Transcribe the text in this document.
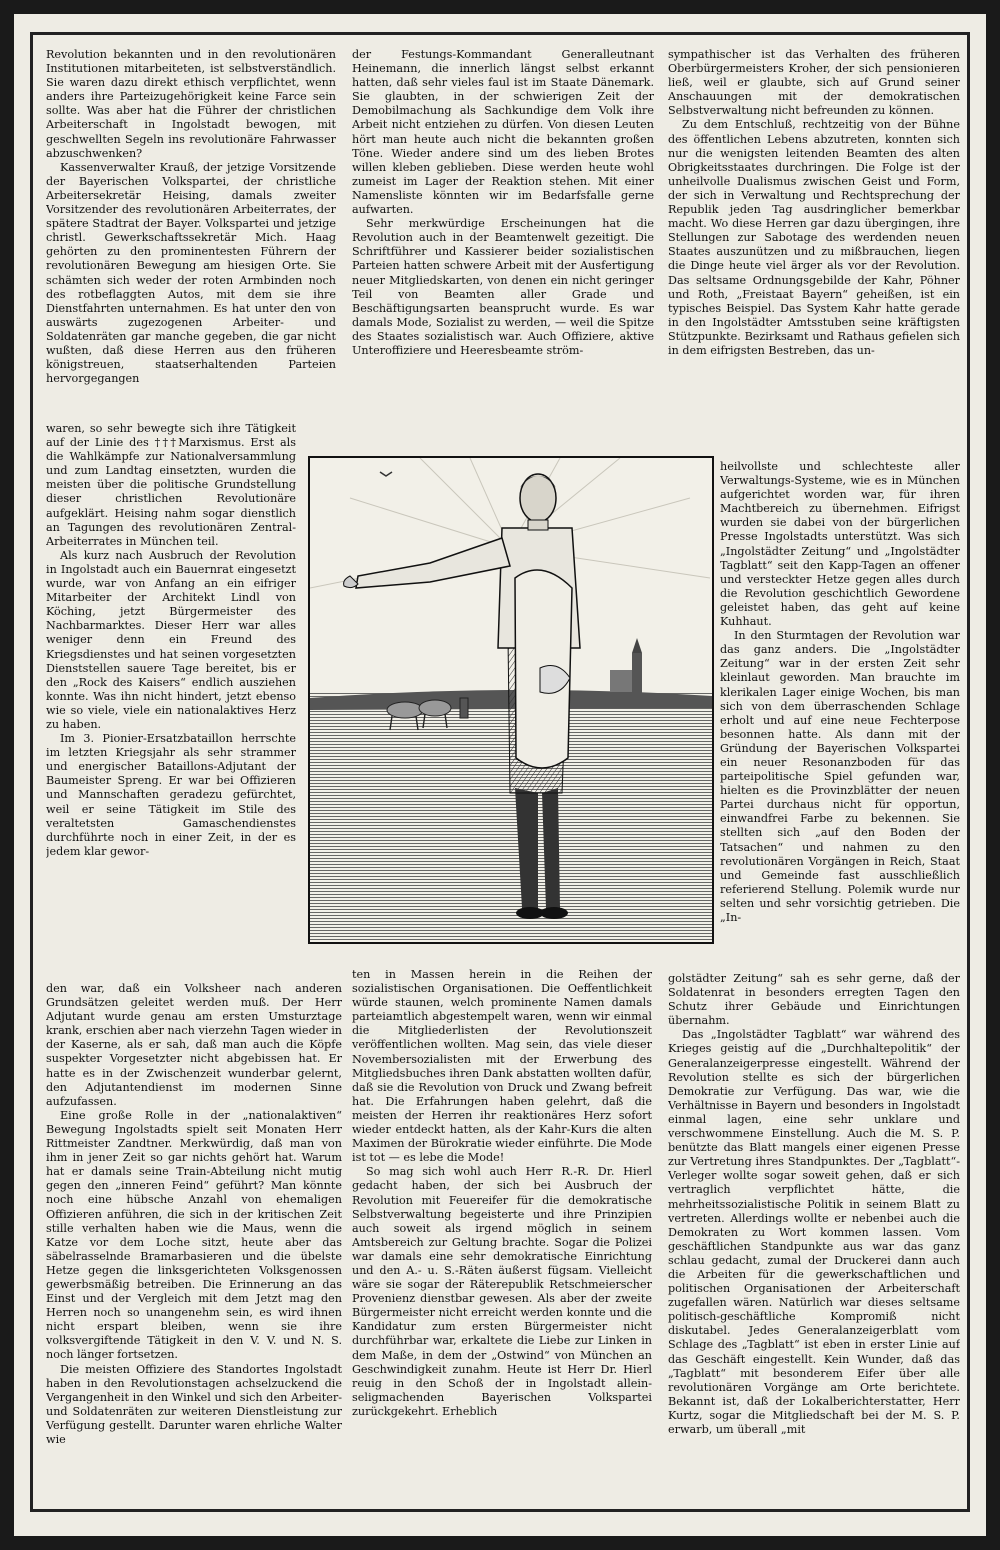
Revolution bekannten und in den revolutionären Institutionen mitarbeiteten, ist selbstverständlich. Sie waren dazu direkt ethisch verpflichtet, wenn anders ihre Parteizugehörigkeit keine Farce sein sollte. Was aber hat die Führer der christlichen Arbeiterschaft in Ingolstadt bewogen, mit geschwellten Segeln ins revolutionäre Fahrwasser abzuschwenken?

Kassenverwalter Krauß, der jetzige Vorsitzende der Bayerischen Volkspartei, der christliche Arbeitersekretär Heising, damals zweiter Vorsitzender des revolutionären Arbeiterrates, der spätere Stadtrat der Bayer. Volkspartei und jetzige christl. Gewerkschaftssekretär Mich. Haag gehörten zu den prominentesten Führern der revolutionären Bewegung am hiesigen Orte. Sie schämten sich weder der roten Armbinden noch des rotbeflaggten Autos, mit dem sie ihre Dienstfahrten unternahmen. Es hat unter den von auswärts zugezogenen Arbeiter- und Soldatenräten gar manche gegeben, die gar nicht wußten, daß diese Herren aus den früheren königstreuen, staatserhaltenden Parteien hervorgegangen

waren, so sehr bewegte sich ihre Tätigkeit auf der Linie des †††Marxismus. Erst als die Wahlkämpfe zur Nationalversammlung und zum Landtag einsetzten, wurden die meisten über die politische Grundstellung dieser christlichen Revolutionäre aufgeklärt. Heising nahm sogar dienstlich an Tagungen des revolutionären Zentral-Arbeiterrates in München teil.

Als kurz nach Ausbruch der Revolution in Ingolstadt auch ein Bauernrat eingesetzt wurde, war von Anfang an ein eifriger Mitarbeiter der Architekt Lindl von Köching, jetzt Bürgermeister des Nachbarmarktes. Dieser Herr war alles weniger denn ein Freund des Kriegsdienstes und hat seinen vorgesetzten Dienststellen sauere Tage bereitet, bis er den „Rock des Kaisers“ endlich ausziehen konnte. Was ihn nicht hindert, jetzt ebenso wie so viele, viele ein nationalaktives Herz zu haben.

Im 3. Pionier-Ersatzbataillon herrschte im letzten Kriegsjahr als sehr strammer und energischer Bataillons-Adjutant der Baumeister Spreng. Er war bei Offizieren und Mannschaften geradezu gefürchtet, weil er seine Tätigkeit im Stile des veraltetsten Gamaschendienstes durchführte noch in einer Zeit, in der es jedem klar gewor-

den war, daß ein Volksheer nach anderen Grundsätzen geleitet werden muß. Der Herr Adjutant wurde genau am ersten Umsturztage krank, erschien aber nach vierzehn Tagen wieder in der Kaserne, als er sah, daß man auch die Köpfe suspekter Vorgesetzter nicht abgebissen hat. Er hatte es in der Zwischenzeit wunderbar gelernt, den Adjutantendienst im modernen Sinne aufzufassen.

Eine große Rolle in der „nationalaktiven“ Bewegung Ingolstadts spielt seit Monaten Herr Rittmeister Zandtner. Merkwürdig, daß man von ihm in jener Zeit so gar nichts gehört hat. Warum hat er damals seine Train-Abteilung nicht mutig gegen den „inneren Feind“ geführt? Man könnte noch eine hübsche Anzahl von ehemaligen Offizieren anführen, die sich in der kritischen Zeit stille verhalten haben wie die Maus, wenn die Katze vor dem Loche sitzt, heute aber das säbelrasselnde Bramarbasieren und die übelste Hetze gegen die linksgerichteten Volksgenossen gewerbsmäßig betreiben. Die Erinnerung an das Einst und der Vergleich mit dem Jetzt mag den Herren noch so unangenehm sein, es wird ihnen nicht erspart bleiben, wenn sie ihre volksvergiftende Tätigkeit in den V. V. und N. S. noch länger fortsetzen.

Die meisten Offiziere des Standortes Ingolstadt haben in den Revolutionstagen achselzuckend die Vergangenheit in den Winkel und sich den Arbeiter- und Soldatenräten zur weiteren Dienstleistung zur Verfügung gestellt. Darunter waren ehrliche Walter wie

der Festungs-Kommandant Generalleutnant Heinemann, die innerlich längst selbst erkannt hatten, daß sehr vieles faul ist im Staate Dänemark. Sie glaubten, in der schwierigen Zeit der Demobilmachung als Sachkundige dem Volk ihre Arbeit nicht entziehen zu dürfen. Von diesen Leuten hört man heute auch nicht die bekannten großen Töne. Wieder andere sind um des lieben Brotes willen kleben geblieben. Diese werden heute wohl zumeist im Lager der Reaktion stehen. Mit einer Namensliste könnten wir im Bedarfsfalle gerne aufwarten.

Sehr merkwürdige Erscheinungen hat die Revolution auch in der Beamtenwelt gezeitigt. Die Schriftführer und Kassierer beider sozialistischen Parteien hatten schwere Arbeit mit der Ausfertigung neuer Mitgliedskarten, von denen ein nicht geringer Teil von Beamten aller Grade und Beschäftigungsarten beansprucht wurde. Es war damals Mode, Sozialist zu werden, — weil die Spitze des Staates sozialistisch war. Auch Offiziere, aktive Unteroffiziere und Heeresbeamte ström-

ten in Massen herein in die Reihen der sozialistischen Organisationen. Die Oeffentlichkeit würde staunen, welch prominente Namen damals parteiamtlich abgestempelt waren, wenn wir einmal die Mitgliederlisten der Revolutionszeit veröffentlichen wollten. Mag sein, das viele dieser Novembersozialisten mit der Erwerbung des Mitgliedsbuches ihren Dank abstatten wollten dafür, daß sie die Revolution von Druck und Zwang befreit hat. Die Erfahrungen haben gelehrt, daß die meisten der Herren ihr reaktionäres Herz sofort wieder entdeckt hatten, als der Kahr-Kurs die alten Maximen der Bürokratie wieder einführte. Die Mode ist tot — es lebe die Mode!

So mag sich wohl auch Herr R.-R. Dr. Hierl gedacht haben, der sich bei Ausbruch der Revolution mit Feuereifer für die demokratische Selbstverwaltung begeisterte und ihre Prinzipien auch soweit als irgend möglich in seinem Amtsbereich zur Geltung brachte. Sogar die Polizei war damals eine sehr demokratische Einrichtung und den A.- u. S.-Räten äußerst fügsam. Vielleicht wäre sie sogar der Räterepublik Retschmeierscher Provenienz dienstbar gewesen. Als aber der zweite Bürgermeister nicht erreicht werden konnte und die Kandidatur zum ersten Bürgermeister nicht durchführbar war, erkaltete die Liebe zur Linken in dem Maße, in dem der „Ostwind“ von München an Geschwindigkeit zunahm. Heute ist Herr Dr. Hierl reuig in den Schoß der in Ingolstadt allein-seligmachenden Bayerischen Volkspartei zurückgekehrt. Erheblich

sympathischer ist das Verhalten des früheren Oberbürgermeisters Kroher, der sich pensionieren ließ, weil er glaubte, sich auf Grund seiner Anschauungen mit der demokratischen Selbstverwaltung nicht befreunden zu können.

Zu dem Entschluß, rechtzeitig von der Bühne des öffentlichen Lebens abzutreten, konnten sich nur die wenigsten leitenden Beamten des alten Obrigkeitsstaates durchringen. Die Folge ist der unheilvolle Dualismus zwischen Geist und Form, der sich in Verwaltung und Rechtsprechung der Republik jeden Tag ausdringlicher bemerkbar macht. Wo diese Herren gar dazu übergingen, ihre Stellungen zur Sabotage des werdenden neuen Staates auszunützen und zu mißbrauchen, liegen die Dinge heute viel ärger als vor der Revolution. Das seltsame Ordnungsgebilde der Kahr, Pöhner und Roth, „Freistaat Bayern“ geheißen, ist ein typisches Beispiel. Das System Kahr hatte gerade in den Ingolstädter Amtsstuben seine kräftigsten Stützpunkte. Bezirksamt und Rathaus gefielen sich in dem eifrigsten Bestreben, das un-

heilvollste und schlechteste aller Verwaltungs-Systeme, wie es in München aufgerichtet worden war, für ihren Machtbereich zu übernehmen. Eifrigst wurden sie dabei von der bürgerlichen Presse Ingolstadts unterstützt. Was sich „Ingolstädter Zeitung“ und „Ingolstädter Tagblatt“ seit den Kapp-Tagen an offener und versteckter Hetze gegen alles durch die Revolution geschichtlich Gewordene geleistet haben, das geht auf keine Kuhhaut.

In den Sturmtagen der Revolution war das ganz anders. Die „Ingolstädter Zeitung“ war in der ersten Zeit sehr kleinlaut geworden. Man brauchte im klerikalen Lager einige Wochen, bis man sich von dem überraschenden Schlage erholt und auf eine neue Fechterpose besonnen hatte. Als dann mit der Gründung der Bayerischen Volkspartei ein neuer Resonanzboden für das parteipolitische Spiel gefunden war, hielten es die Provinzblätter der neuen Partei durchaus nicht für opportun, einwandfrei Farbe zu bekennen. Sie stellten sich „auf den Boden der Tatsachen“ und nahmen zu den revolutionären Vorgängen in Reich, Staat und Gemeinde fast ausschließlich referierend Stellung. Polemik wurde nur selten und sehr vorsichtig getrieben. Die „In-

golstädter Zeitung“ sah es sehr gerne, daß der Soldatenrat in besonders erregten Tagen den Schutz ihrer Gebäude und Einrichtungen übernahm.

Das „Ingolstädter Tagblatt“ war während des Krieges geistig auf die „Durchhaltepolitik“ der Generalanzeigerpresse eingestellt. Während der Revolution stellte es sich der bürgerlichen Demokratie zur Verfügung. Das war, wie die Verhältnisse in Bayern und besonders in Ingolstadt einmal lagen, eine sehr unklare und verschwommene Einstellung. Auch die M. S. P. benützte das Blatt mangels einer eigenen Presse zur Vertretung ihres Standpunktes. Der „Tagblatt“-Verleger wollte sogar soweit gehen, daß er sich vertraglich verpflichtet hätte, die mehrheitssozialistische Politik in seinem Blatt zu vertreten. Allerdings wollte er nebenbei auch die Demokraten zu Wort kommen lassen. Vom geschäftlichen Standpunkte aus war das ganz schlau gedacht, zumal der Druckerei dann auch die Arbeiten für die gewerkschaftlichen und politischen Organisationen der Arbeiterschaft zugefallen wären. Natürlich war dieses seltsame politisch-geschäftliche Kompromiß nicht diskutabel. Jedes Generalanzeigerblatt vom Schlage des „Tagblatt“ ist eben in erster Linie auf das Geschäft eingestellt. Kein Wunder, daß das „Tagblatt“ mit besonderem Eifer über alle revolutionären Vorgänge am Orte berichtete. Bekannt ist, daß der Lokalberichterstatter, Herr Kurtz, sogar die Mitgliedschaft bei der M. S. P. erwarb, um überall „mit
